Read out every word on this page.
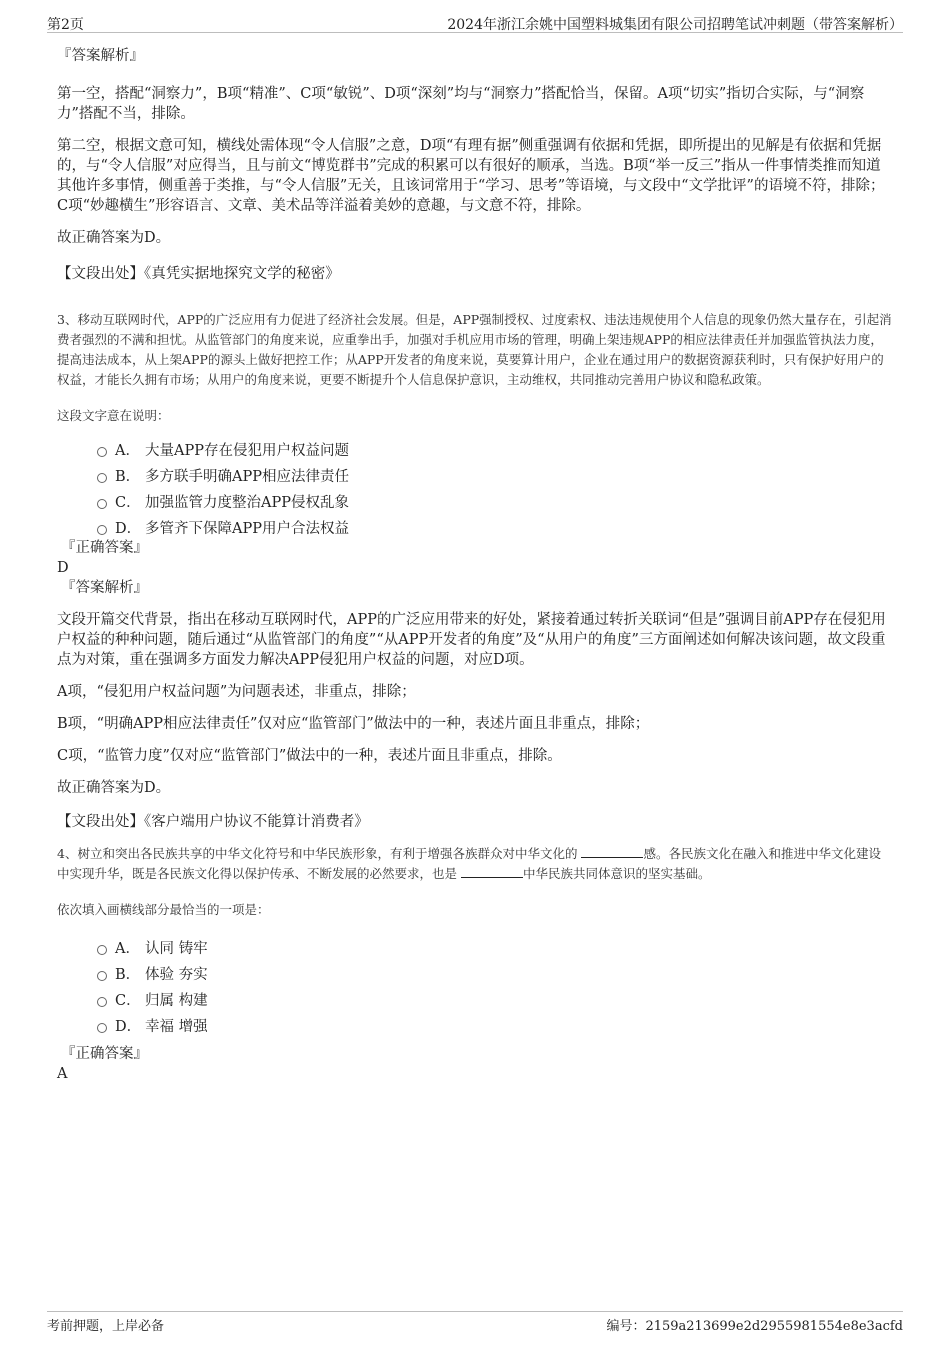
第2页	2024年浙江余姚中国塑料城集团有限公司招聘笔试冲刺题（带答案解析）

『答案解析』

第一空，搭配“洞察力”，B项“精准”、C项“敏锐”、D项“深刻”均与“洞察力”搭配恰当，保留。A项“切实”指切合实际，与“洞察力”搭配不当，排除。

第二空，根据文意可知，横线处需体现“令人信服”之意，D项“有理有据”侧重强调有依据和凭据，即所提出的见解是有依据和凭据的，与“令人信服”对应得当，且与前文“博览群书”完成的积累可以有很好的顺承，当选。B项“举一反三”指从一件事情类推而知道其他许多事情，侧重善于类推，与“令人信服”无关，且该词常用于“学习、思考”等语境，与文段中“文学批评”的语境不符，排除；C项“妙趣横生”形容语言、文章、美术品等洋溢着美妙的意趣，与文意不符，排除。

故正确答案为D。

【文段出处】《真凭实据地探究文学的秘密》

3、移动互联网时代，APP的广泛应用有力促进了经济社会发展。但是，APP强制授权、过度索权、违法违规使用个人信息的现象仍然大量存在，引起消费者强烈的不满和担忧。从监管部门的角度来说，应重拳出手，加强对手机应用市场的管理，明确上架违规APP的相应法律责任并加强监管执法力度，提高违法成本，从上架APP的源头上做好把控工作；从APP开发者的角度来说，莫要算计用户，企业在通过用户的数据资源获利时，只有保护好用户的权益，才能长久拥有市场；从用户的角度来说，更要不断提升个人信息保护意识，主动维权，共同推动完善用户协议和隐私政策。

这段文字意在说明：

A． 大量APP存在侵犯用户权益问题
B． 多方联手明确APP相应法律责任
C． 加强监管力度整治APP侵权乱象
D． 多管齐下保障APP用户合法权益

『正确答案』

D

『答案解析』

文段开篇交代背景，指出在移动互联网时代，APP的广泛应用带来的好处，紧接着通过转折关联词“但是”强调目前APP存在侵犯用户权益的种种问题，随后通过“从监管部门的角度”“从APP开发者的角度”及“从用户的角度”三方面阐述如何解决该问题，故文段重点为对策，重在强调多方面发力解决APP侵犯用户权益的问题，对应D项。

A项，“侵犯用户权益问题”为问题表述，非重点，排除；

B项，“明确APP相应法律责任”仅对应“监管部门”做法中的一种，表述片面且非重点，排除；

C项，“监管力度”仅对应“监管部门”做法中的一种，表述片面且非重点，排除。

故正确答案为D。

【文段出处】《客户端用户协议不能算计消费者》

4、树立和突出各民族共享的中华文化符号和中华民族形象，有利于增强各族群众对中华文化的	感。各民族文化在融入和推进中华文化建设中实现升华，既是各民族文化得以保护传承、不断发展的必然要求，也是	中华民族共同体意识的坚实基础。

依次填入画横线部分最恰当的一项是：

A． 认同 铸牢
B． 体验 夯实
C． 归属 构建
D． 幸福 增强

『正确答案』

A

考前押题，上岸必备	编号：2159a213699e2d2955981554e8e3acfd
